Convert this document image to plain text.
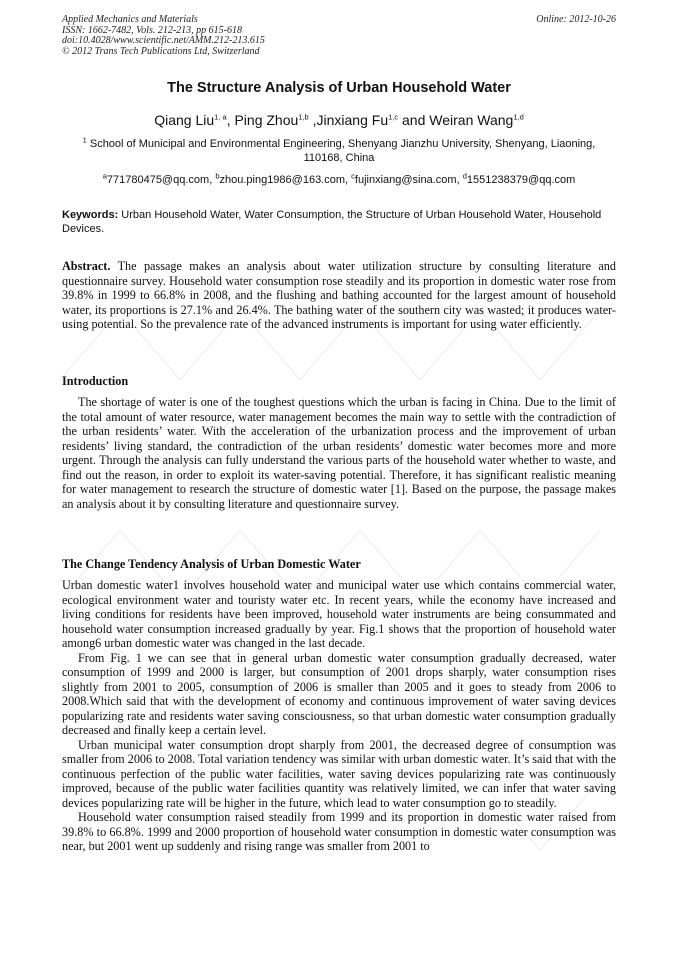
Applied Mechanics and Materials
ISSN: 1662-7482, Vols. 212-213, pp 615-618
doi:10.4028/www.scientific.net/AMM.212-213.615
© 2012 Trans Tech Publications Ltd, Switzerland
Online: 2012-10-26
The Structure Analysis of Urban Household Water
Qiang Liu$^{1, a}$, Ping Zhou$^{1,b}$ ,Jinxiang Fu$^{1,c}$ and Weiran Wang$^{1,d}$
$^1$ School of Municipal and Environmental Engineering, Shenyang Jianzhu University, Shenyang, Liaoning, 110168, China
$^a$771780475@qq.com, $^b$zhou.ping1986@163.com, $^c$fujinxiang@sina.com, $^d$1551238379@qq.com
Keywords: Urban Household Water, Water Consumption, the Structure of Urban Household Water, Household Devices.
Abstract. The passage makes an analysis about water utilization structure by consulting literature and questionnaire survey. Household water consumption rose steadily and its proportion in domestic water rose from 39.8% in 1999 to 66.8% in 2008, and the flushing and bathing accounted for the largest amount of household water, its proportions is 27.1% and 26.4%. The bathing water of the southern city was wasted; it produces water-using potential. So the prevalence rate of the advanced instruments is important for using water efficiently.
Introduction

The shortage of water is one of the toughest questions which the urban is facing in China. Due to the limit of the total amount of water resource, water management becomes the main way to settle with the contradiction of the urban residents’ water. With the acceleration of the urbanization process and the improvement of urban residents’ living standard, the contradiction of the urban residents’ domestic water becomes more and more urgent. Through the analysis can fully understand the various parts of the household water whether to waste, and find out the reason, in order to exploit its water-saving potential. Therefore, it has significant realistic meaning for water management to research the structure of domestic water [1]. Based on the purpose, the passage makes an analysis about it by consulting literature and questionnaire survey.

The Change Tendency Analysis of Urban Domestic Water

Urban domestic water1 involves household water and municipal water use which contains commercial water, ecological environment water and touristy water etc. In recent years, while the economy have increased and living conditions for residents have been improved, household water instruments are being consummated and household water consumption increased gradually by year. Fig.1 shows that the proportion of household water among6 urban domestic water was changed in the last decade.

From Fig. 1 we can see that in general urban domestic water consumption gradually decreased, water consumption of 1999 and 2000 is larger, but consumption of 2001 drops sharply, water consumption rises slightly from 2001 to 2005, consumption of 2006 is smaller than 2005 and it goes to steady from 2006 to 2008.Which said that with the development of economy and continuous improvement of water saving devices popularizing rate and residents water saving consciousness, so that urban domestic water consumption gradually decreased and finally keep a certain level.

Urban municipal water consumption dropt sharply from 2001, the decreased degree of consumption was smaller from 2006 to 2008. Total variation tendency was similar with urban domestic water. It’s said that with the continuous perfection of the public water facilities, water saving devices popularizing rate was continuously improved, because of the public water facilities quantity was relatively limited, we can infer that water saving devices popularizing rate will be higher in the future, which lead to water consumption go to steadily.

Household water consumption raised steadily from 1999 and its proportion in domestic water raised from 39.8% to 66.8%. 1999 and 2000 proportion of household water consumption in domestic water consumption was near, but 2001 went up suddenly and rising range was smaller from 2001 to
